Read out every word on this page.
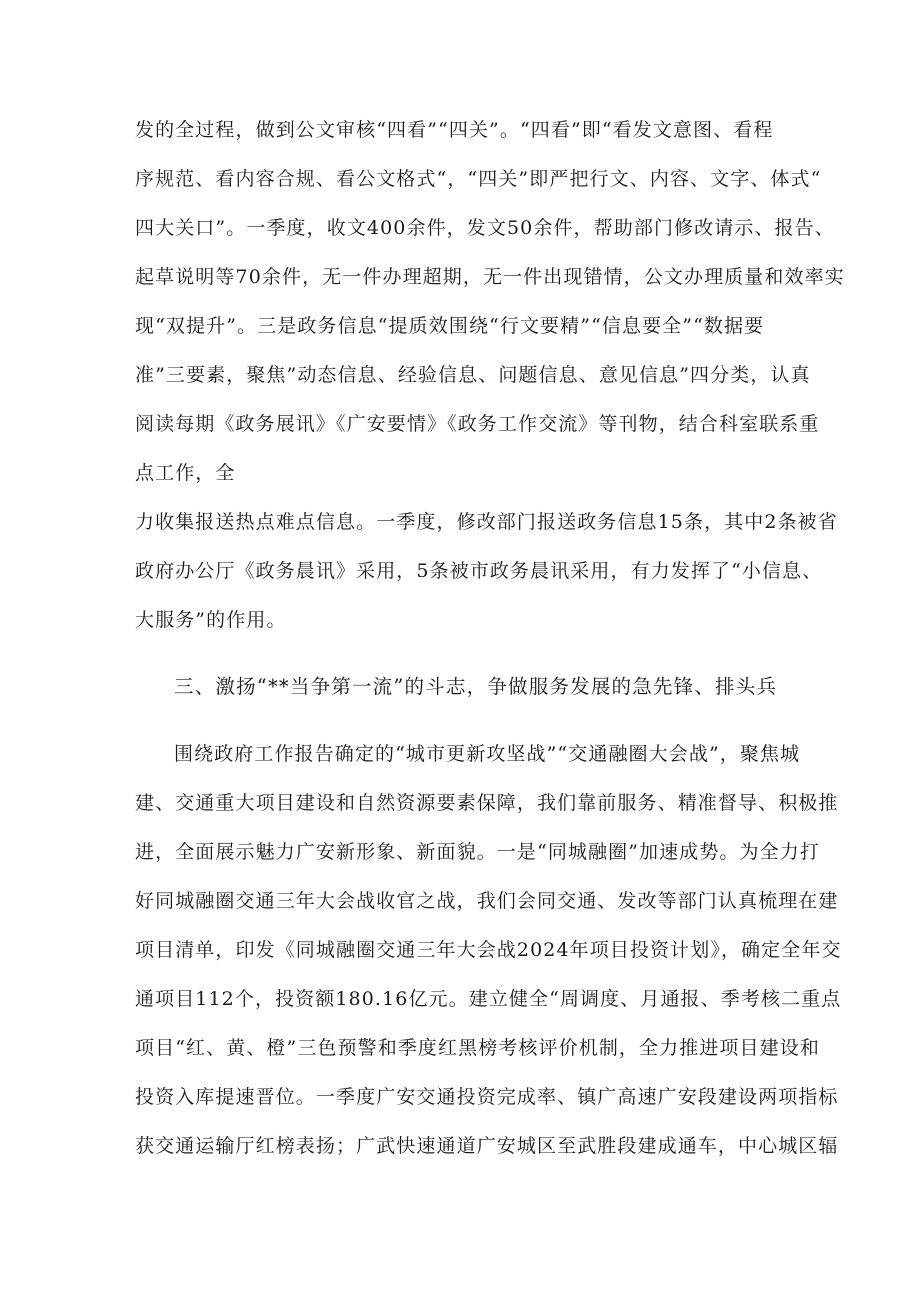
发的全过程，做到公文审核“四看”“四关”。“四看”即“看发文意图、看程
序规范、看内容合规、看公文格式“，“四关”即严把行文、内容、文字、体式“
四大关口”。一季度，收文400余件，发文50余件，帮助部门修改请示、报告、
起草说明等70余件，无一件办理超期，无一件出现错情，公文办理质量和效率实
现“双提升”。三是政务信息“提质效围绕“行文要精”“信息要全”“数据要
准”三要素，聚焦”动态信息、经验信息、问题信息、意见信息”四分类，认真
阅读每期《政务展讯》《广安要情》《政务工作交流》等刊物，结合科室联系重
点工作，全
力收集报送热点难点信息。一季度，修改部门报送政务信息15条，其中2条被省
政府办公厅《政务晨讯》采用，5条被市政务晨讯采用，有力发挥了“小信息、
大服务”的作用。
三、激扬“**当争第一流”的斗志，争做服务发展的急先锋、排头兵
围绕政府工作报告确定的“城市更新攻坚战”“交通融圈大会战”，聚焦城
建、交通重大项目建设和自然资源要素保障，我们靠前服务、精准督导、积极推
进，全面展示魅力广安新形象、新面貌。一是“同城融圈”加速成势。为全力打
好同城融圈交通三年大会战收官之战，我们会同交通、发改等部门认真梳理在建
项目清单，印发《同城融圈交通三年大会战2024年项目投资计划》，确定全年交
通项目112个，投资额180.16亿元。建立健全“周调度、月通报、季考核二重点
项目“红、黄、橙”三色预警和季度红黑榜考核评价机制，全力推进项目建设和
投资入库提速晋位。一季度广安交通投资完成率、镇广高速广安段建设两项指标
获交通运输厅红榜表扬；广武快速通道广安城区至武胜段建成通车，中心城区辐
